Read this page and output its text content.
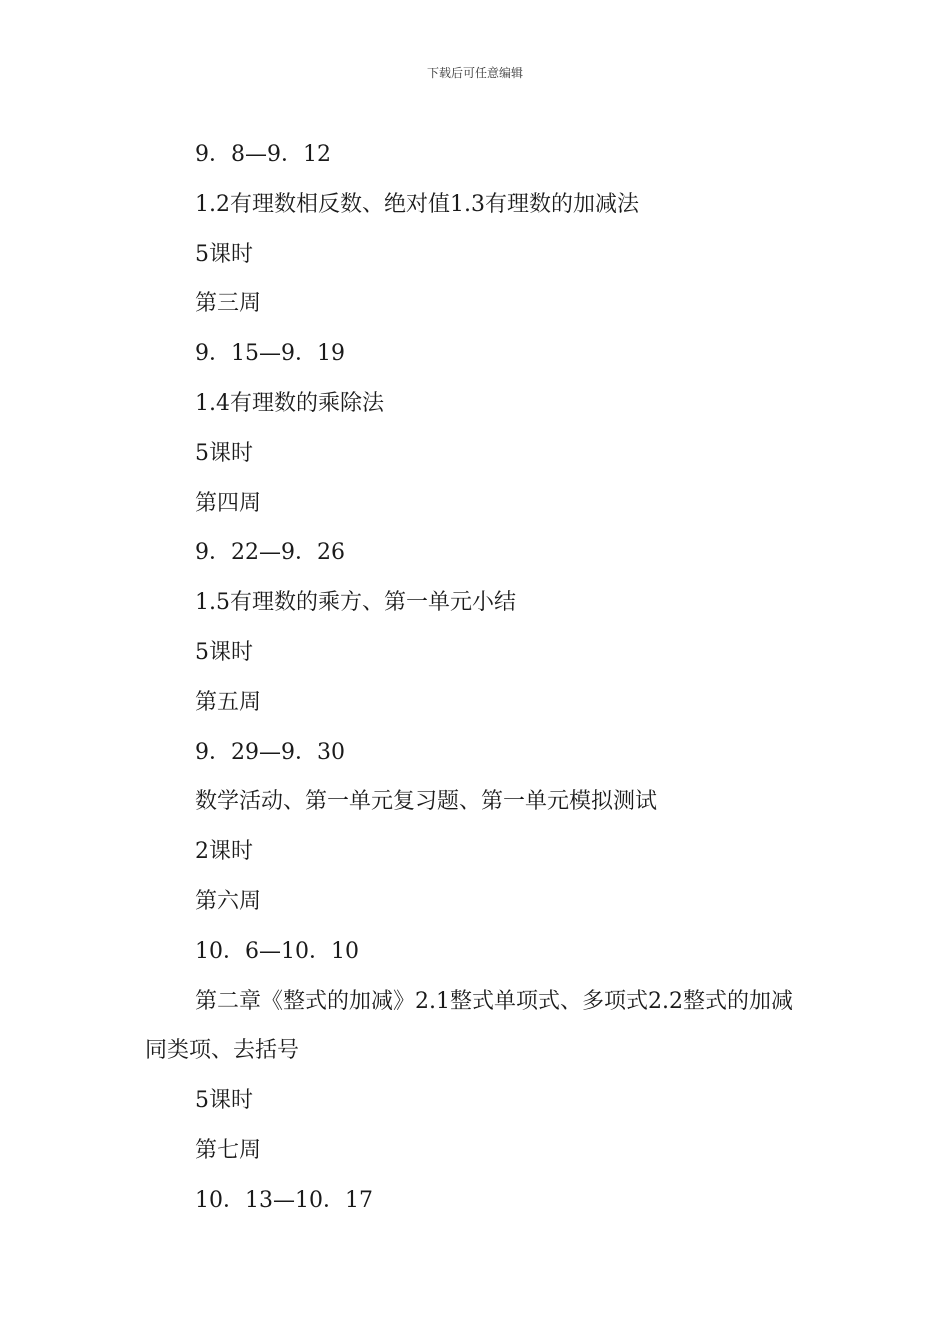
下载后可任意编辑
9．8—9．12
1.2有理数相反数、绝对值1.3有理数的加减法
5课时
第三周
9．15—9．19
1.4有理数的乘除法
5课时
第四周
9．22—9．26
1.5有理数的乘方、第一单元小结
5课时
第五周
9．29—9．30
数学活动、第一单元复习题、第一单元模拟测试
2课时
第六周
10．6—10．10
第二章《整式的加减》2.1整式单项式、多项式2.2整式的加减同类项、去括号
5课时
第七周
10．13—10．17
